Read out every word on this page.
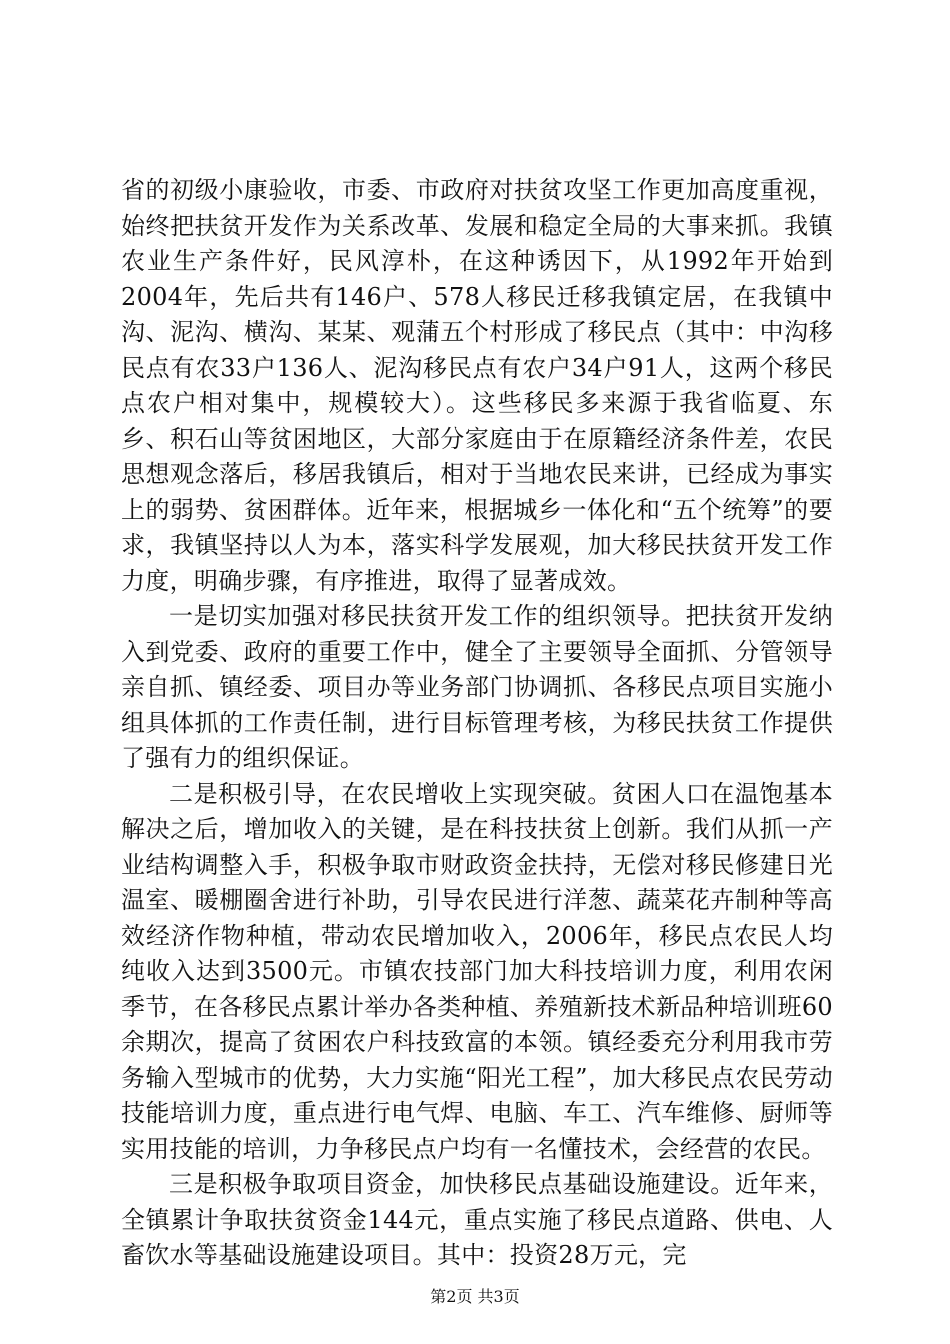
省的初级小康验收，市委、市政府对扶贫攻坚工作更加高度重视，始终把扶贫开发作为关系改革、发展和稳定全局的大事来抓。我镇农业生产条件好，民风淳朴，在这种诱因下，从1992年开始到2004年，先后共有146户、578人移民迁移我镇定居，在我镇中沟、泥沟、横沟、某某、观蒲五个村形成了移民点（其中：中沟移民点有农33户136人、泥沟移民点有农户34户91人，这两个移民点农户相对集中，规模较大）。这些移民多来源于我省临夏、东乡、积石山等贫困地区，大部分家庭由于在原籍经济条件差，农民思想观念落后，移居我镇后，相对于当地农民来讲，已经成为事实上的弱势、贫困群体。近年来，根据城乡一体化和“五个统筹”的要求，我镇坚持以人为本，落实科学发展观，加大移民扶贫开发工作力度，明确步骤，有序推进，取得了显著成效。

一是切实加强对移民扶贫开发工作的组织领导。把扶贫开发纳入到党委、政府的重要工作中，健全了主要领导全面抓、分管领导亲自抓、镇经委、项目办等业务部门协调抓、各移民点项目实施小组具体抓的工作责任制，进行目标管理考核，为移民扶贫工作提供了强有力的组织保证。

二是积极引导，在农民增收上实现突破。贫困人口在温饱基本解决之后，增加收入的关键，是在科技扶贫上创新。我们从抓一产业结构调整入手，积极争取市财政资金扶持，无偿对移民修建日光温室、暖棚圈舍进行补助，引导农民进行洋葱、蔬菜花卉制种等高效经济作物种植，带动农民增加收入，2006年，移民点农民人均纯收入达到3500元。市镇农技部门加大科技培训力度，利用农闲季节，在各移民点累计举办各类种植、养殖新技术新品种培训班60余期次，提高了贫困农户科技致富的本领。镇经委充分利用我市劳务输入型城市的优势，大力实施“阳光工程”，加大移民点农民劳动技能培训力度，重点进行电气焊、电脑、车工、汽车维修、厨师等实用技能的培训，力争移民点户均有一名懂技术，会经营的农民。

三是积极争取项目资金，加快移民点基础设施建设。近年来，全镇累计争取扶贫资金144元，重点实施了移民点道路、供电、人畜饮水等基础设施建设项目。其中：投资28万元，完

第2页 共3页
